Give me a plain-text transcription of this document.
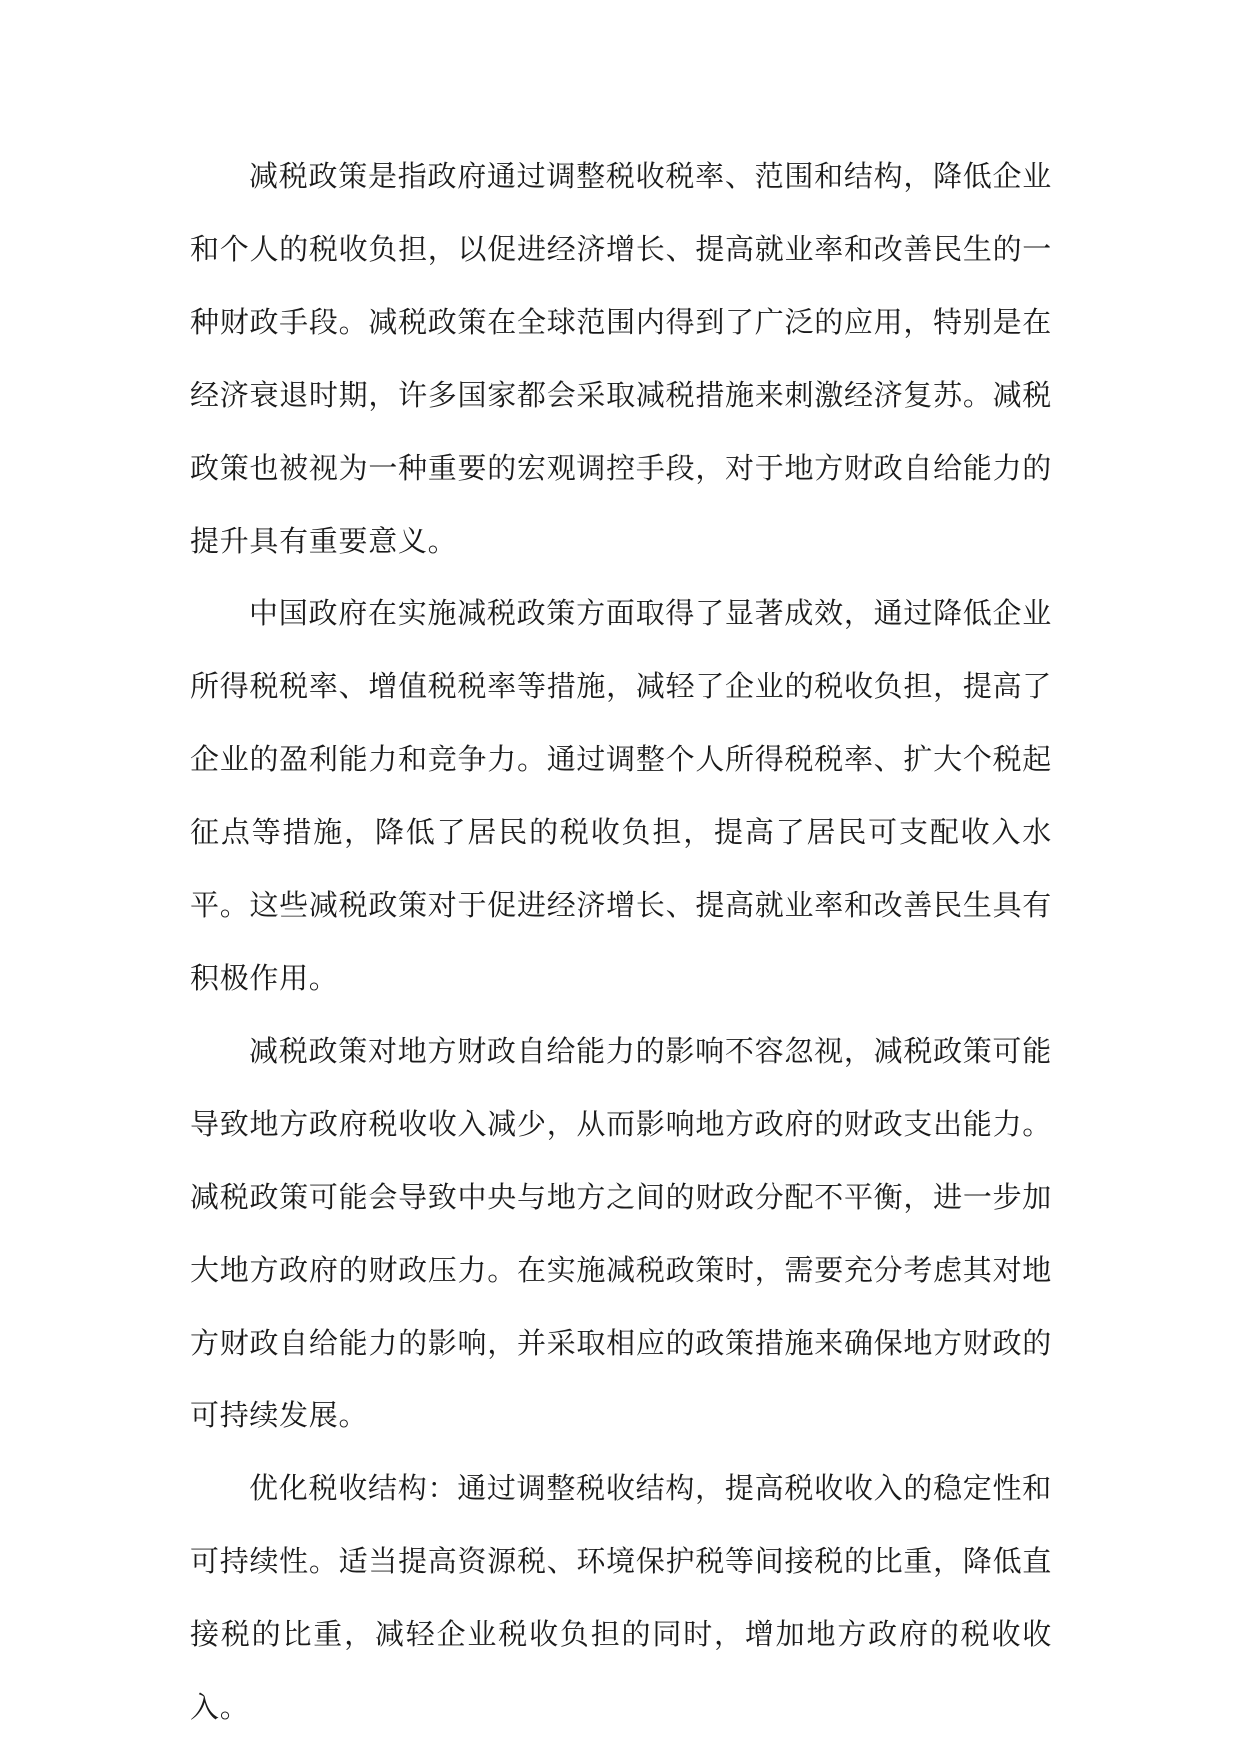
减税政策是指政府通过调整税收税率、范围和结构，降低企业和个人的税收负担，以促进经济增长、提高就业率和改善民生的一种财政手段。减税政策在全球范围内得到了广泛的应用，特别是在经济衰退时期，许多国家都会采取减税措施来刺激经济复苏。减税政策也被视为一种重要的宏观调控手段，对于地方财政自给能力的提升具有重要意义。

中国政府在实施减税政策方面取得了显著成效，通过降低企业所得税税率、增值税税率等措施，减轻了企业的税收负担，提高了企业的盈利能力和竞争力。通过调整个人所得税税率、扩大个税起征点等措施，降低了居民的税收负担，提高了居民可支配收入水平。这些减税政策对于促进经济增长、提高就业率和改善民生具有积极作用。

减税政策对地方财政自给能力的影响不容忽视，减税政策可能导致地方政府税收收入减少，从而影响地方政府的财政支出能力。减税政策可能会导致中央与地方之间的财政分配不平衡，进一步加大地方政府的财政压力。在实施减税政策时，需要充分考虑其对地方财政自给能力的影响，并采取相应的政策措施来确保地方财政的可持续发展。

优化税收结构：通过调整税收结构，提高税收收入的稳定性和可持续性。适当提高资源税、环境保护税等间接税的比重，降低直接税的比重，减轻企业税收负担的同时，增加地方政府的税收收入。
